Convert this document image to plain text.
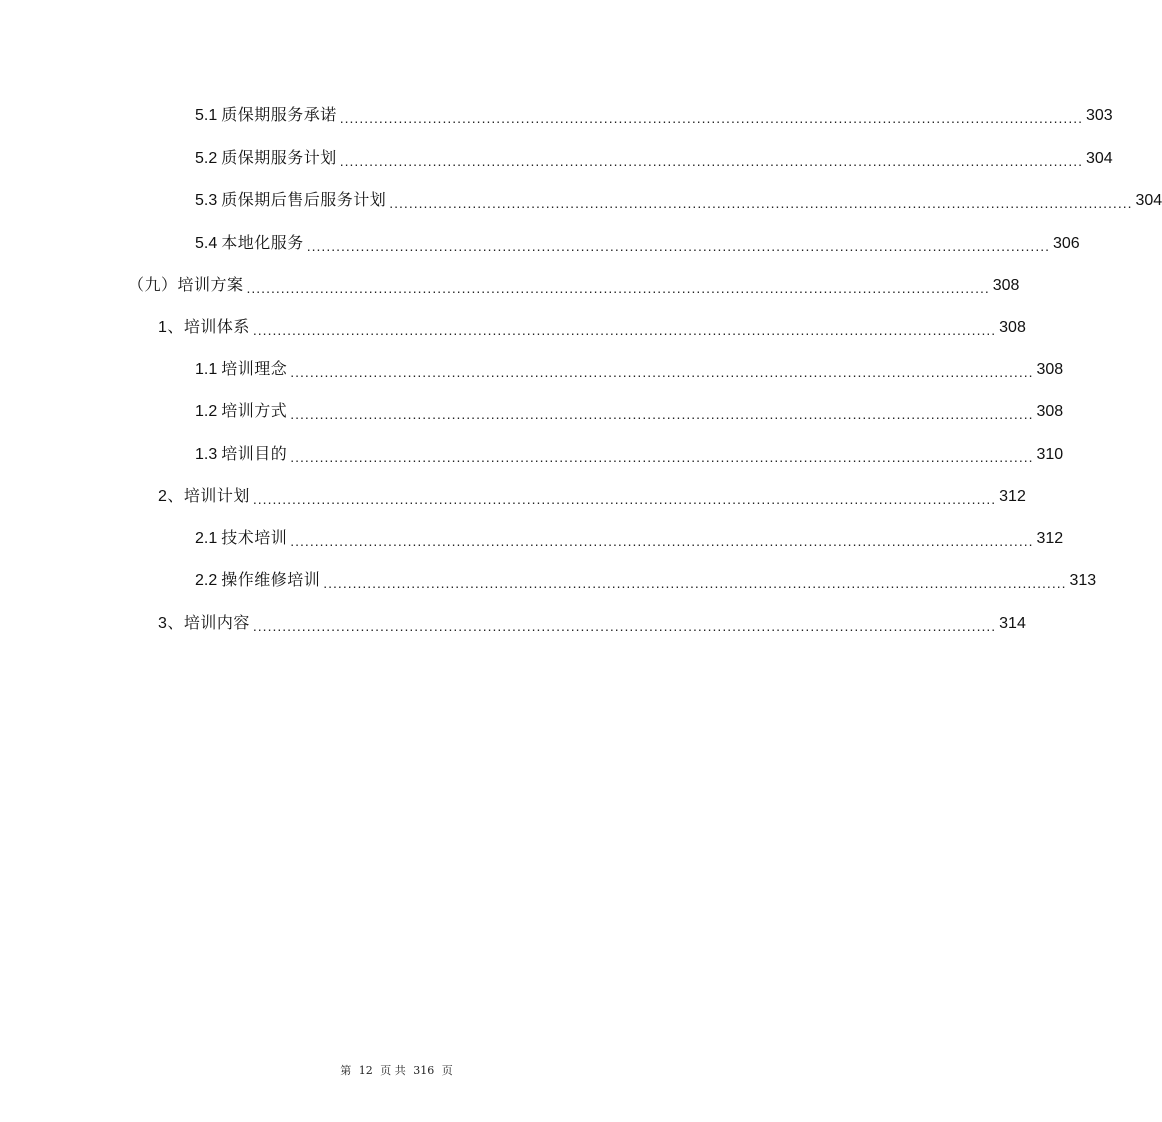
5.1 质保期服务承诺 ........................................................................................................................................................ 303
5.2 质保期服务计划 ........................................................................................................................................................ 304
5.3 质保期后售后服务计划 ........................................................................................................................................................ 304
5.4 本地化服务 ........................................................................................................................................................ 306
（九）培训方案 ........................................................................................................................................................ 308
1、培训体系 ........................................................................................................................................................ 308
1.1 培训理念 ........................................................................................................................................................ 308
1.2 培训方式 ........................................................................................................................................................ 308
1.3 培训目的 ........................................................................................................................................................ 310
2、培训计划 ........................................................................................................................................................ 312
2.1 技术培训 ........................................................................................................................................................ 312
2.2 操作维修培训 ........................................................................................................................................................ 313
3、培训内容 ........................................................................................................................................................ 314
第 12 页 共 316 页
